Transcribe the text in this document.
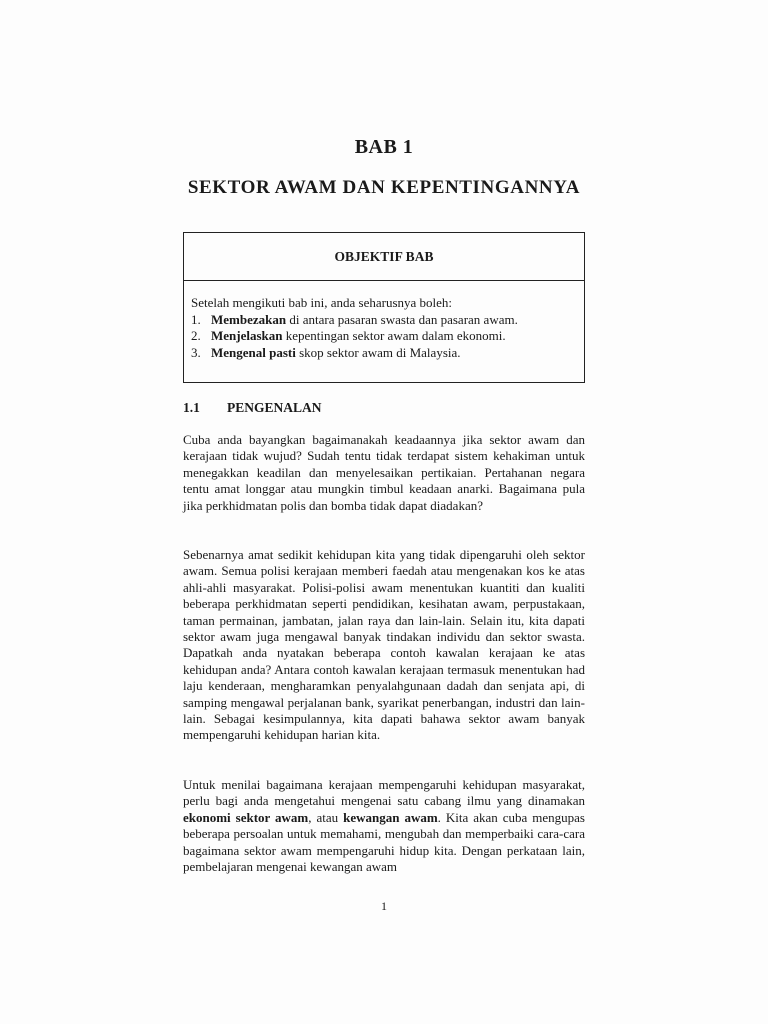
BAB 1
SEKTOR AWAM DAN KEPENTINGANNYA
OBJEKTIF BAB
Setelah mengikuti bab ini, anda seharusnya boleh:
1. Membezakan di antara pasaran swasta dan pasaran awam.
2. Menjelaskan kepentingan sektor awam dalam ekonomi.
3. Mengenal pasti skop sektor awam di Malaysia.
1.1 PENGENALAN

Cuba anda bayangkan bagaimanakah keadaannya jika sektor awam dan kerajaan tidak wujud? Sudah tentu tidak terdapat sistem kehakiman untuk menegakkan keadilan dan menyelesaikan pertikaian. Pertahanan negara tentu amat longgar atau mungkin timbul keadaan anarki. Bagaimana pula jika perkhidmatan polis dan bomba tidak dapat diadakan?

Sebenarnya amat sedikit kehidupan kita yang tidak dipengaruhi oleh sektor awam. Semua polisi kerajaan memberi faedah atau mengenakan kos ke atas ahli-ahli masyarakat. Polisi-polisi awam menentukan kuantiti dan kualiti beberapa perkhidmatan seperti pendidikan, kesihatan awam, perpustakaan, taman permainan, jambatan, jalan raya dan lain-lain. Selain itu, kita dapati sektor awam juga mengawal banyak tindakan individu dan sektor swasta. Dapatkah anda nyatakan beberapa contoh kawalan kerajaan ke atas kehidupan anda? Antara contoh kawalan kerajaan termasuk menentukan had laju kenderaan, mengharamkan penyalahgunaan dadah dan senjata api, di samping mengawal perjalanan bank, syarikat penerbangan, industri dan lain-lain. Sebagai kesimpulannya, kita dapati bahawa sektor awam banyak mempengaruhi kehidupan harian kita.

Untuk menilai bagaimana kerajaan mempengaruhi kehidupan masyarakat, perlu bagi anda mengetahui mengenai satu cabang ilmu yang dinamakan ekonomi sektor awam, atau kewangan awam. Kita akan cuba mengupas beberapa persoalan untuk memahami, mengubah dan memperbaiki cara-cara bagaimana sektor awam mempengaruhi hidup kita. Dengan perkataan lain, pembelajaran mengenai kewangan awam

1
